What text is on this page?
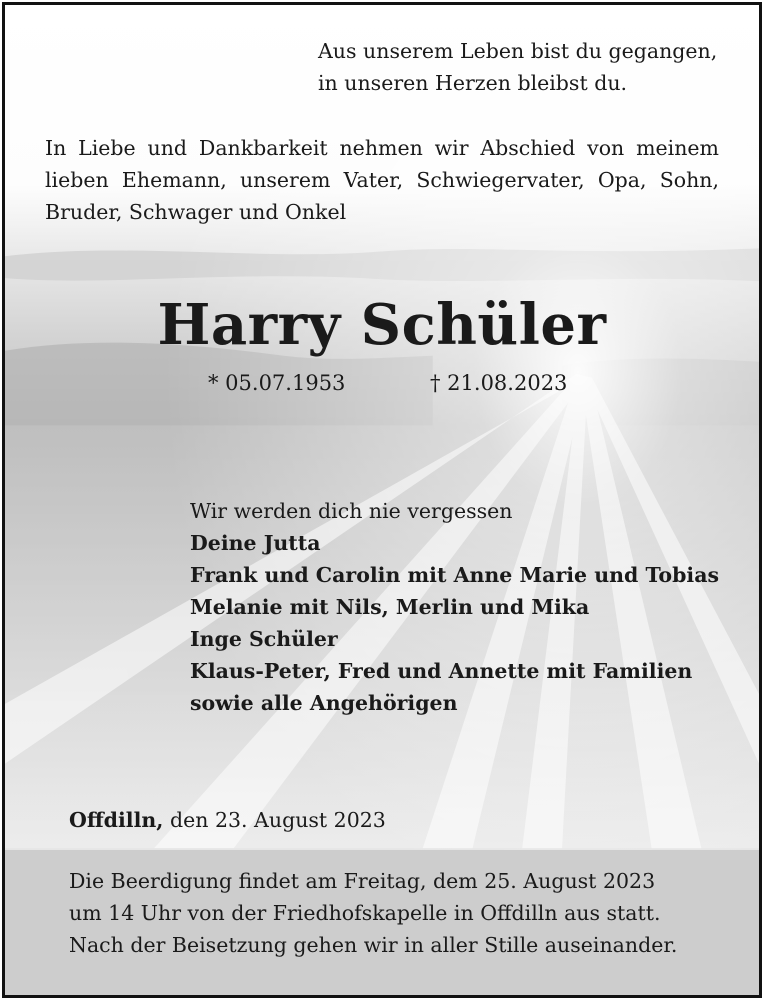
Aus unserem Leben bist du gegangen,
in unseren Herzen bleibst du.
In Liebe und Dankbarkeit nehmen wir Abschied von meinem lieben Ehemann, unserem Vater, Schwiegervater, Opa, Sohn, Bruder, Schwager und Onkel
Harry Schüler
* 05.07.1953	† 21.08.2023
Wir werden dich nie vergessen
Deine Jutta
Frank und Carolin mit Anne Marie und Tobias
Melanie mit Nils, Merlin und Mika
Inge Schüler
Klaus-Peter, Fred und Annette mit Familien
sowie alle Angehörigen
Offdilln, den 23. August 2023
Die Beerdigung findet am Freitag, dem 25. August 2023
um 14 Uhr von der Friedhofskapelle in Offdilln aus statt.
Nach der Beisetzung gehen wir in aller Stille auseinander.
